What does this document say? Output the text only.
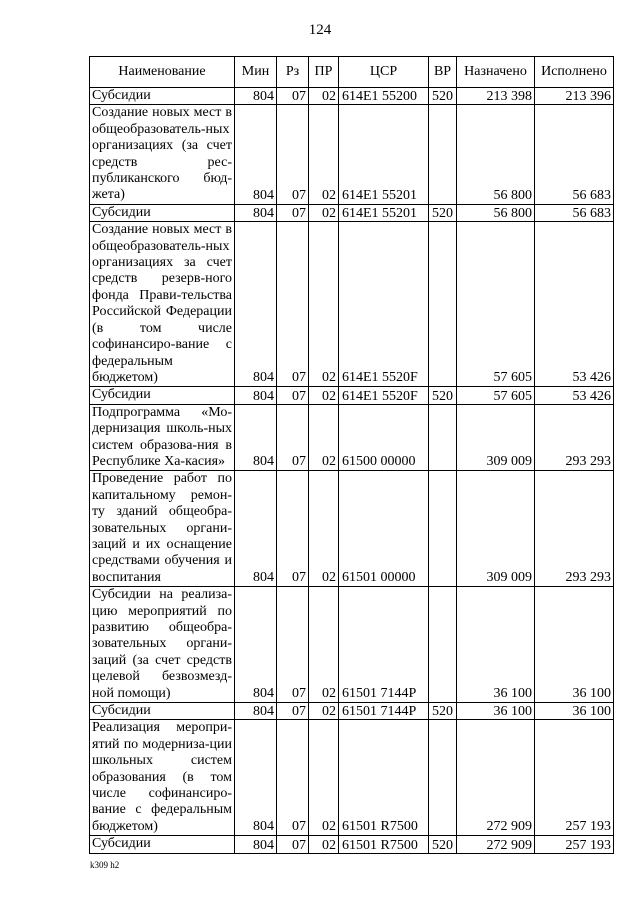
124
Наименование	Мин	Рз	ПР	ЦСР	ВР	Назначено	Исполнено
Субсидии	804	07	02	614E1 55200	520	213 398	213 396
Создание новых мест в общеобразователь-ных организациях (за счет средств рес-публиканского бюд-жета)	804	07	02	614E1 55201		56 800	56 683
Субсидии	804	07	02	614E1 55201	520	56 800	56 683
Создание новых мест в общеобразователь-ных организациях за счет средств резерв-ного фонда Прави-тельства Российской Федерации (в том числе софинансиро-вание с федеральным бюджетом)	804	07	02	614E1 5520F		57 605	53 426
Субсидии	804	07	02	614E1 5520F	520	57 605	53 426
Подпрограмма «Мо-дернизация школь-ных систем образова-ния в Республике Ха-касия»	804	07	02	61500 00000		309 009	293 293
Проведение работ по капитальному ремон-ту зданий общеобра-зовательных органи-заций и их оснащение средствами обучения и воспитания	804	07	02	61501 00000		309 009	293 293
Субсидии на реализа-цию мероприятий по развитию общеобра-зовательных органи-заций (за счет средств целевой безвозмезд-ной помощи)	804	07	02	61501 7144P		36 100	36 100
Субсидии	804	07	02	61501 7144P	520	36 100	36 100
Реализация меропри-ятий по модерниза-ции школьных систем образования (в том числе софинансиро-вание с федеральным бюджетом)	804	07	02	61501 R7500		272 909	257 193
Субсидии	804	07	02	61501 R7500	520	272 909	257 193
k309 h2
